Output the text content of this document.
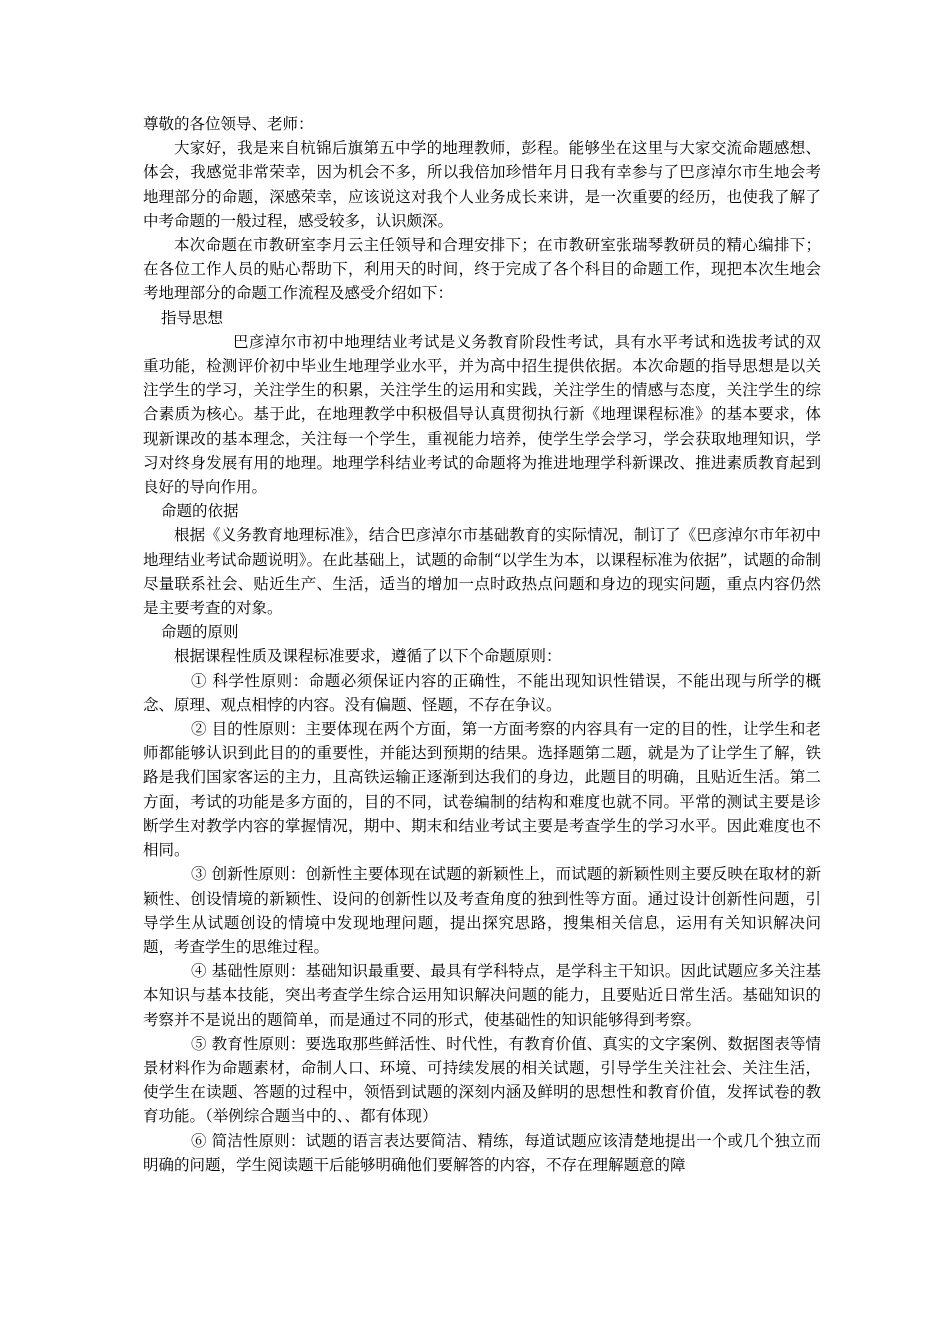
尊敬的各位领导、老师：

大家好，我是来自杭锦后旗第五中学的地理教师，彭程。能够坐在这里与大家交流命题感想、体会，我感觉非常荣幸，因为机会不多，所以我倍加珍惜年月日我有幸参与了巴彦淖尔市生地会考地理部分的命题，深感荣幸，应该说这对我个人业务成长来讲，是一次重要的经历，也使我了解了中考命题的一般过程，感受较多，认识颇深。

本次命题在市教研室李月云主任领导和合理安排下；在市教研室张瑞琴教研员的精心编排下；在各位工作人员的贴心帮助下，利用天的时间，终于完成了各个科目的命题工作，现把本次生地会考地理部分的命题工作流程及感受介绍如下：

指导思想

巴彦淖尔市初中地理结业考试是义务教育阶段性考试，具有水平考试和选拔考试的双重功能，检测评价初中毕业生地理学业水平，并为高中招生提供依据。本次命题的指导思想是以关注学生的学习，关注学生的积累，关注学生的运用和实践，关注学生的情感与态度，关注学生的综合素质为核心。基于此，在地理教学中积极倡导认真贯彻执行新《地理课程标准》的基本要求，体现新课改的基本理念，关注每一个学生，重视能力培养，使学生学会学习，学会获取地理知识，学习对终身发展有用的地理。地理学科结业考试的命题将为推进地理学科新课改、推进素质教育起到良好的导向作用。

命题的依据

根据《义务教育地理标准》，结合巴彦淖尔市基础教育的实际情况，制订了《巴彦淖尔市年初中地理结业考试命题说明》。在此基础上，试题的命制“以学生为本，以课程标准为依据”，试题的命制尽量联系社会、贴近生产、生活，适当的增加一点时政热点问题和身边的现实问题，重点内容仍然是主要考查的对象。

命题的原则

根据课程性质及课程标准要求，遵循了以下个命题原则：

① 科学性原则：命题必须保证内容的正确性，不能出现知识性错误，不能出现与所学的概念、原理、观点相悖的内容。没有偏题、怪题，不存在争议。

② 目的性原则：主要体现在两个方面，第一方面考察的内容具有一定的目的性，让学生和老师都能够认识到此目的的重要性，并能达到预期的结果。选择题第二题，就是为了让学生了解，铁路是我们国家客运的主力，且高铁运输正逐渐到达我们的身边，此题目的明确，且贴近生活。第二方面，考试的功能是多方面的，目的不同，试卷编制的结构和难度也就不同。平常的测试主要是诊断学生对教学内容的掌握情况，期中、期末和结业考试主要是考查学生的学习水平。因此难度也不相同。

③ 创新性原则：创新性主要体现在试题的新颖性上，而试题的新颖性则主要反映在取材的新颖性、创设情境的新颖性、设问的创新性以及考查角度的独到性等方面。通过设计创新性问题，引导学生从试题创设的情境中发现地理问题，提出探究思路，搜集相关信息，运用有关知识解决问题，考查学生的思维过程。

④ 基础性原则：基础知识最重要、最具有学科特点，是学科主干知识。因此试题应多关注基本知识与基本技能，突出考查学生综合运用知识解决问题的能力，且要贴近日常生活。基础知识的考察并不是说出的题简单，而是通过不同的形式，使基础性的知识能够得到考察。

⑤ 教育性原则：要选取那些鲜活性、时代性，有教育价值、真实的文字案例、数据图表等情景材料作为命题素材，命制人口、环境、可持续发展的相关试题，引导学生关注社会、关注生活，使学生在读题、答题的过程中，领悟到试题的深刻内涵及鲜明的思想性和教育价值，发挥试卷的教育功能。（举例综合题当中的、、都有体现）

⑥ 简洁性原则：试题的语言表达要简洁、精练，每道试题应该清楚地提出一个或几个独立而明确的问题，学生阅读题干后能够明确他们要解答的内容，不存在理解题意的障
